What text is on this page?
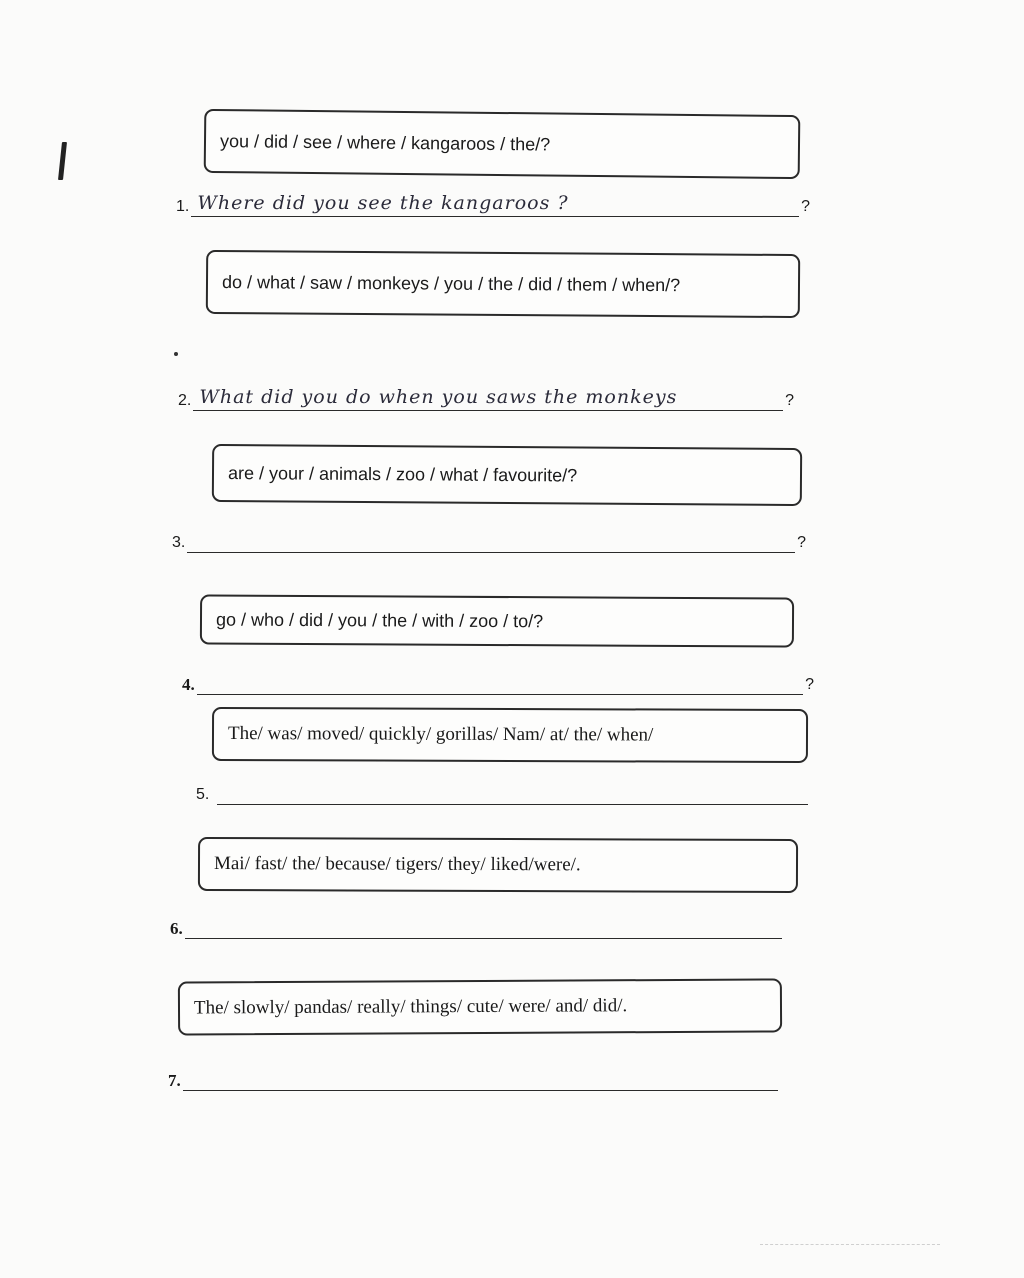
you / did / see / where / kangaroos / the/?
1. Where did you see the kangaroos ?	?
do / what / saw / monkeys / you / the / did / them / when/?
2. What did you do when you saws the monkeys	?
are / your / animals / zoo / what / favourite/?
3.	?
go / who / did / you / the / with / zoo / to/?
4.	?
The/ was/ moved/ quickly/ gorillas/ Nam/ at/ the/ when/
5.
Mai/ fast/ the/ because/ tigers/ they/ liked/were/.
6.
The/ slowly/ pandas/ really/ things/ cute/ were/ and/ did/.
7.
